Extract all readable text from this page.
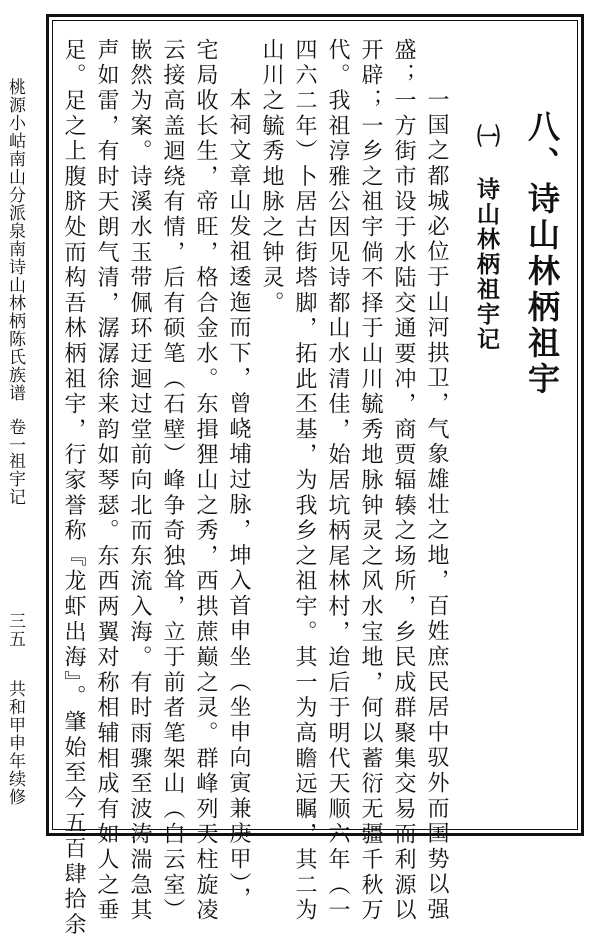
桃源小岵南山分派泉南诗山林柄陈氏族谱卷一
祖宇记
三五
共和甲申年续修
八、诗山林柄祖宇
㈠ 诗山林柄祖宇记
一国之都城必位于山河拱卫，气象雄壮之地，百姓庶民居中驭外而国势以强
盛；一方街市设于水陆交通要冲，商贾辐辏之场所，乡民成群聚集交易而利源以
开辟；一乡之祖宇倘不择于山川毓秀地脉钟灵之风水宝地，何以蓄衍无疆千秋万
代。我祖淳雅公因见诗都山水清佳，始居坑柄尾林村，迨后于明代天顺六年（一
四六二年）卜居古街塔脚，拓此丕基，为我乡之祖宇。其一为高瞻远瞩，其二为
山川之毓秀地脉之钟灵。
本祠文章山发祖逶迤而下，曾峣埔过脉，坤入首申坐（坐申向寅兼庚甲），
宅局收长生，帝旺，格合金水。东揖狸山之秀，西拱蔗巅之灵。群峰列天柱旋凌
云接高盖迴绕有情，后有硕笔（石壁）峰争奇独耸，立于前者笔架山（白云室）
嵌然为案。诗溪水玉带佩环迂迴过堂前向北而东流入海。有时雨骤至波涛湍急其
声如雷，有时天朗气清，潺潺徐来韵如琴瑟。东西两翼对称相辅相成有如人之垂
足。足之上腹脐处而构吾林柄祖宇，行家誉称『龙虾出海』。肇始至今五百肆拾余
